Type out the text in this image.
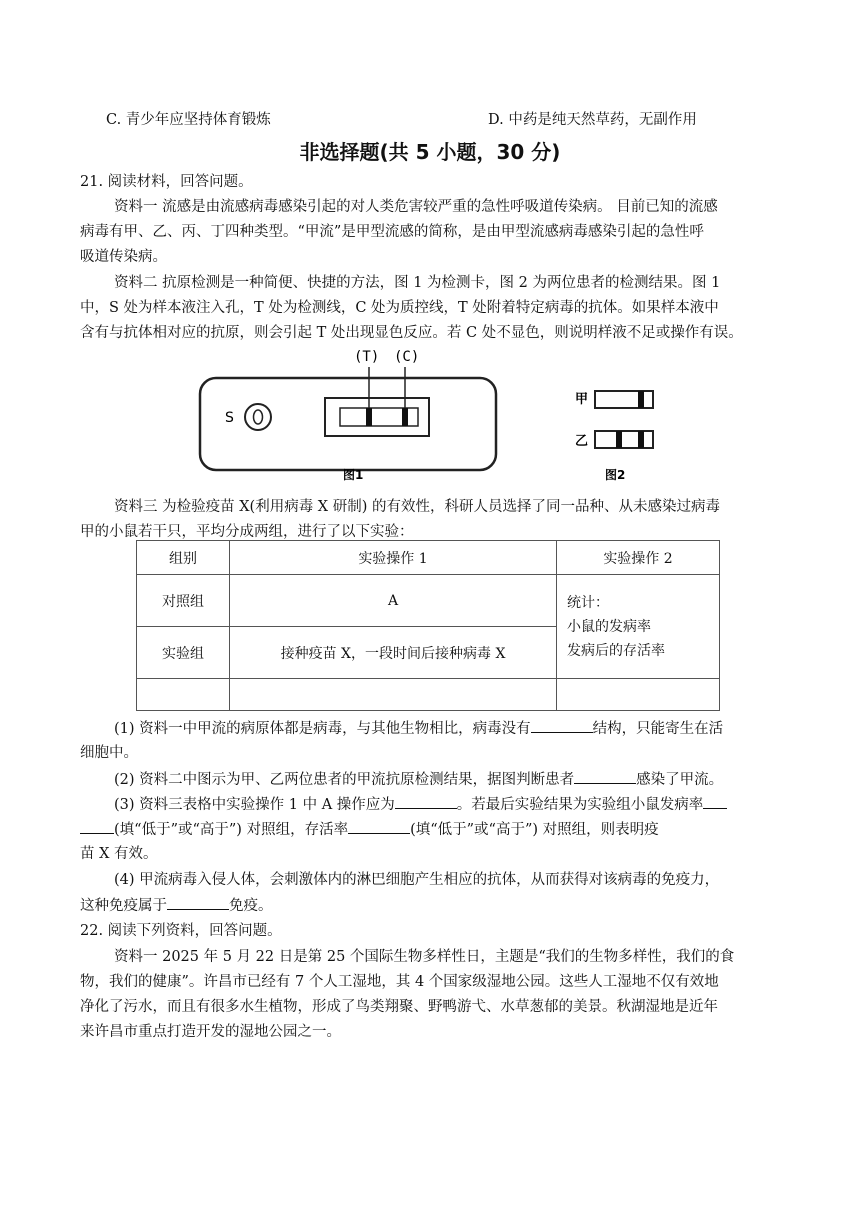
C. 青少年应坚持体育锻炼	D. 中药是纯天然草药，无副作用
非选择题(共 5 小题，30 分)
21. 阅读材料，回答问题。
资料一 流感是由流感病毒感染引起的对人类危害较严重的急性呼吸道传染病。 目前已知的流感
病毒有甲、乙、丙、丁四种类型。“甲流”是甲型流感的简称，是由甲型流感病毒感染引起的急性呼
吸道传染病。
资料二 抗原检测是一种简便、快捷的方法，图 1 为检测卡，图 2 为两位患者的检测结果。图 1
中，S 处为样本液注入孔，T 处为检测线，C 处为质控线，T 处附着特定病毒的抗体。如果样本液中
含有与抗体相对应的抗原，则会引起 T 处出现显色反应。若 C 处不显色，则说明样液不足或操作有误。
(T) (C)
S
图1
甲
乙
图2
资料三 为检验疫苗 X(利用病毒 X 研制) 的有效性，科研人员选择了同一品种、从未感染过病毒
甲的小鼠若干只，平均分成两组，进行了以下实验：
组别	实验操作 1	实验操作 2
对照组	A	统计：
小鼠的发病率
发病后的存活率

实验组	接种疫苗 X，一段时间后接种病毒 X	

(1) 资料一中甲流的病原体都是病毒，与其他生物相比，病毒没有	结构，只能寄生在活
细胞中。
(2) 资料二中图示为甲、乙两位患者的甲流抗原检测结果，据图判断患者	感染了甲流。
(3) 资料三表格中实验操作 1 中 A 操作应为	。若最后实验结果为实验组小鼠发病率
(填“低于”或“高于”) 对照组，存活率	(填“低于”或“高于”) 对照组，则表明疫
苗 X 有效。
(4) 甲流病毒入侵人体，会刺激体内的淋巴细胞产生相应的抗体，从而获得对该病毒的免疫力，
这种免疫属于	免疫。
22. 阅读下列资料，回答问题。
资料一 2025 年 5 月 22 日是第 25 个国际生物多样性日，主题是“我们的生物多样性，我们的食
物，我们的健康”。许昌市已经有 7 个人工湿地，其 4 个国家级湿地公园。这些人工湿地不仅有效地
净化了污水，而且有很多水生植物，形成了鸟类翔聚、野鸭游弋、水草葱郁的美景。秋湖湿地是近年
来许昌市重点打造开发的湿地公园之一。
